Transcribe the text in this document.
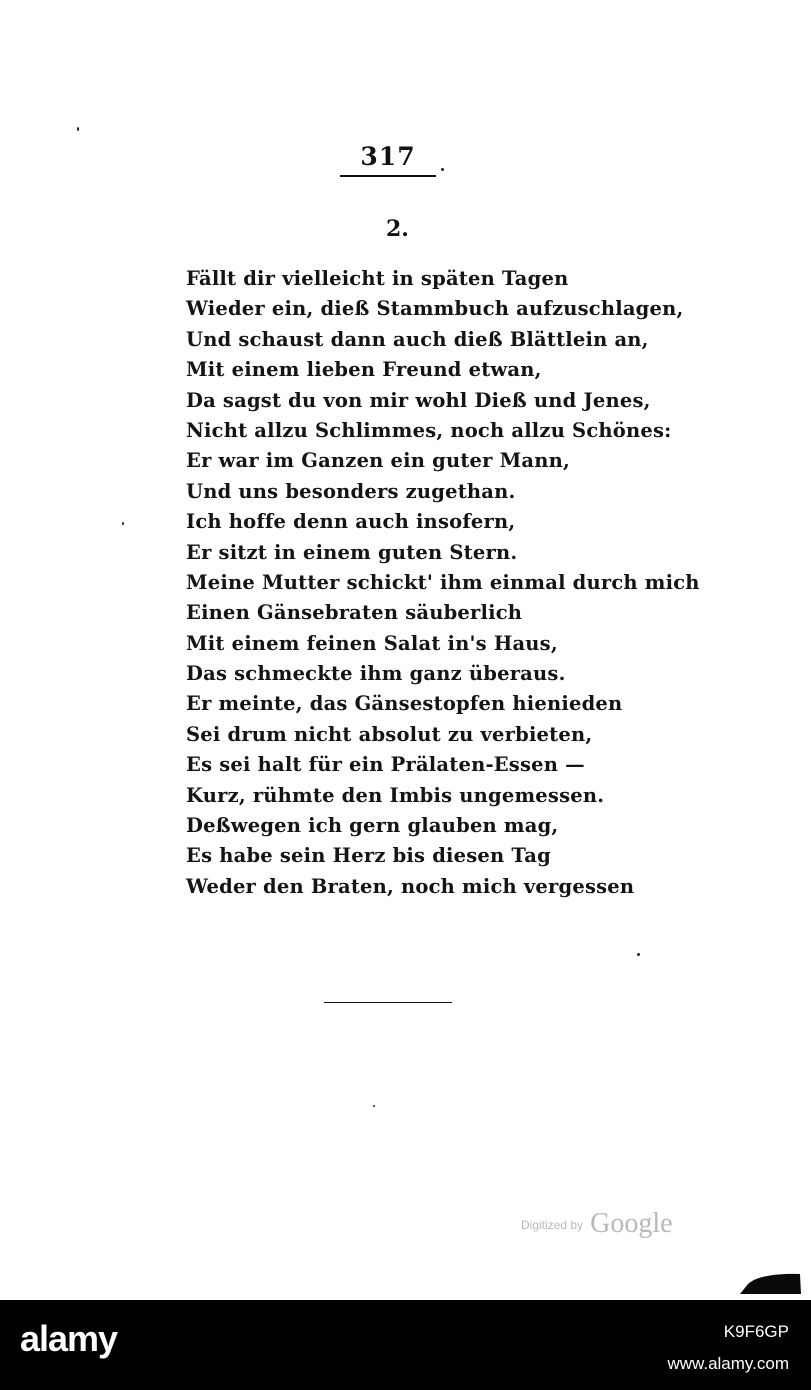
317
2.
Fällt dir vielleicht in späten Tagen
Wieder ein, dieß Stammbuch aufzuschlagen,
Und schaust dann auch dieß Blättlein an,
Mit einem lieben Freund etwan,
Da sagst du von mir wohl Dieß und Jenes,
Nicht allzu Schlimmes, noch allzu Schönes:
Er war im Ganzen ein guter Mann,
Und uns besonders zugethan.
Ich hoffe denn auch insofern,
Er sitzt in einem guten Stern.
Meine Mutter schickt' ihm einmal durch mich
Einen Gänsebraten säuberlich
Mit einem feinen Salat in's Haus,
Das schmeckte ihm ganz überaus.
Er meinte, das Gänsestopfen hienieden
Sei drum nicht absolut zu verbieten,
Es sei halt für ein Prälaten-Essen —
Kurz, rühmte den Imbis ungemessen.
Deßwegen ich gern glauben mag,
Es habe sein Herz bis diesen Tag
Weder den Braten, noch mich vergessen
Digitized by Google
alamy	K9F6GP
www.alamy.com
